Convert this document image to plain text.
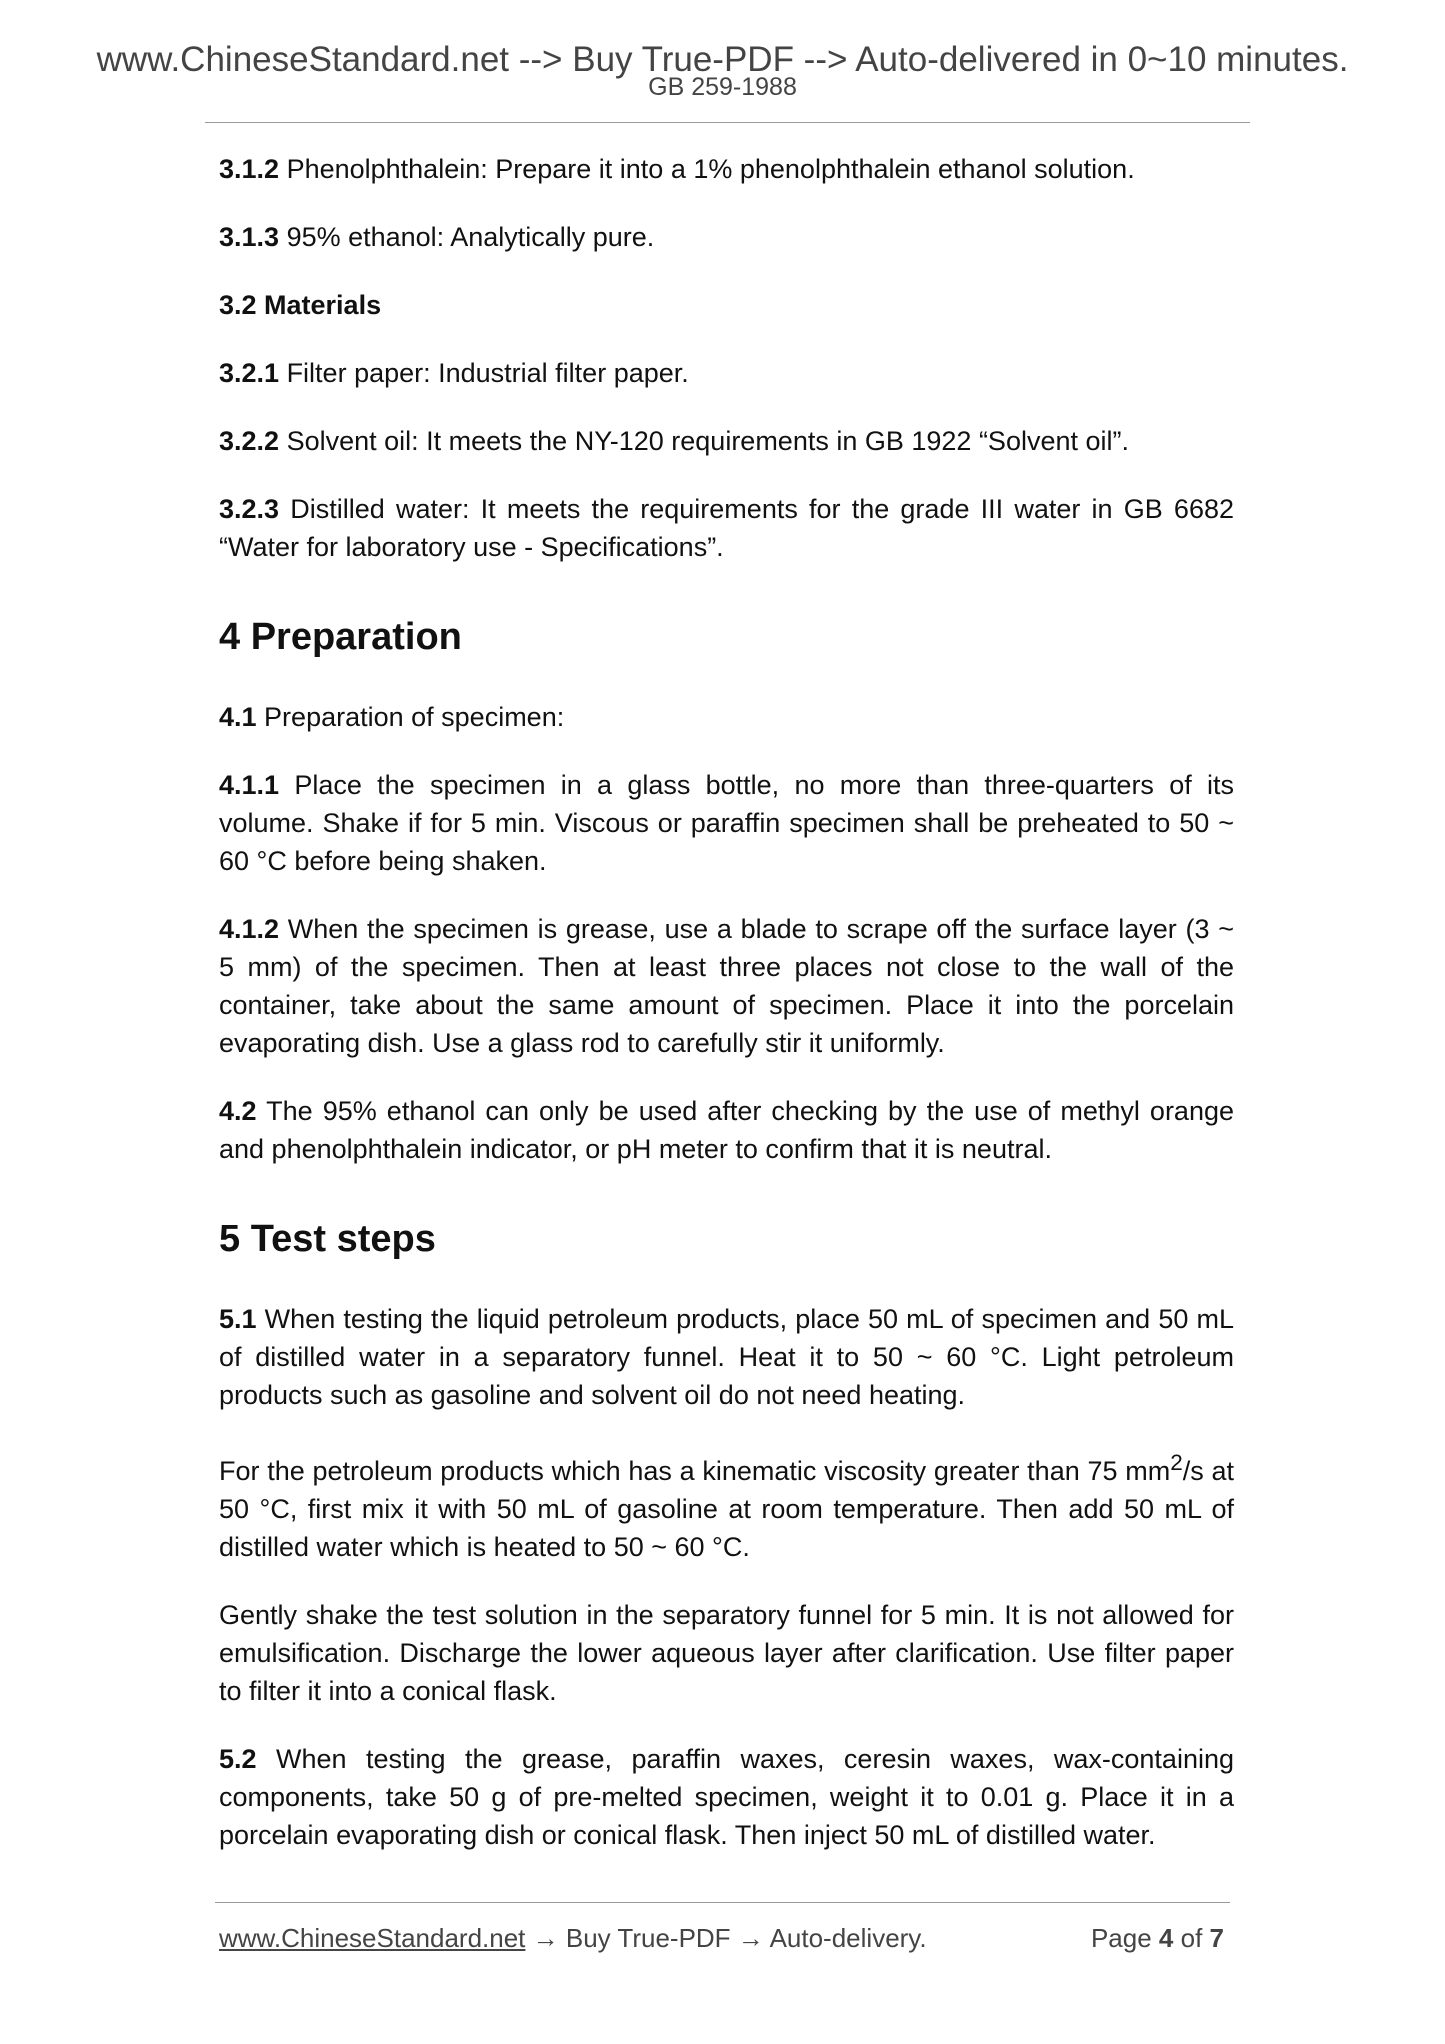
www.ChineseStandard.net --> Buy True-PDF --> Auto-delivered in 0~10 minutes.
GB 259-1988

3.1.2 Phenolphthalein: Prepare it into a 1% phenolphthalein ethanol solution.

3.1.3 95% ethanol: Analytically pure.

3.2 Materials

3.2.1 Filter paper: Industrial filter paper.

3.2.2 Solvent oil: It meets the NY-120 requirements in GB 1922 “Solvent oil”.

3.2.3 Distilled water: It meets the requirements for the grade III water in GB 6682 “Water for laboratory use - Specifications”.

4 Preparation

4.1 Preparation of specimen:

4.1.1 Place the specimen in a glass bottle, no more than three-quarters of its volume. Shake if for 5 min. Viscous or paraffin specimen shall be preheated to 50 ~ 60 °C before being shaken.

4.1.2 When the specimen is grease, use a blade to scrape off the surface layer (3 ~ 5 mm) of the specimen. Then at least three places not close to the wall of the container, take about the same amount of specimen. Place it into the porcelain evaporating dish. Use a glass rod to carefully stir it uniformly.

4.2 The 95% ethanol can only be used after checking by the use of methyl orange and phenolphthalein indicator, or pH meter to confirm that it is neutral.

5 Test steps

5.1 When testing the liquid petroleum products, place 50 mL of specimen and 50 mL of distilled water in a separatory funnel. Heat it to 50 ~ 60 °C. Light petroleum products such as gasoline and solvent oil do not need heating.

For the petroleum products which has a kinematic viscosity greater than 75 $mm^2/s$ at 50 °C, first mix it with 50 mL of gasoline at room temperature. Then add 50 mL of distilled water which is heated to 50 ~ 60 °C.

Gently shake the test solution in the separatory funnel for 5 min. It is not allowed for emulsification. Discharge the lower aqueous layer after clarification. Use filter paper to filter it into a conical flask.

5.2 When testing the grease, paraffin waxes, ceresin waxes, wax-containing components, take 50 g of pre-melted specimen, weight it to 0.01 g. Place it in a porcelain evaporating dish or conical flask. Then inject 50 mL of distilled water.

www.ChineseStandard.net → Buy True-PDF → Auto-delivery.	Page 4 of 7
